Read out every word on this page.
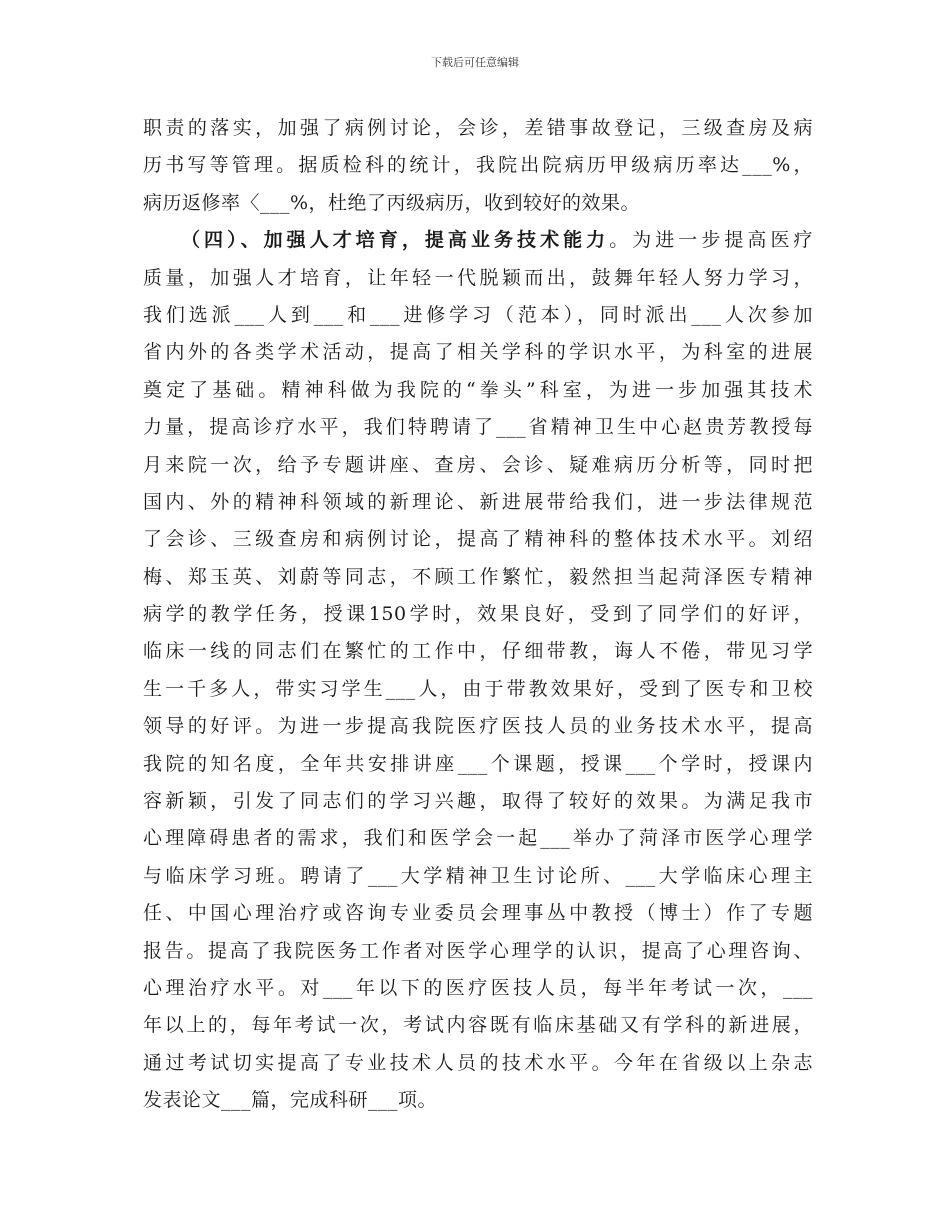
下载后可任意编辑
职责的落实，加强了病例讨论，会诊，差错事故登记，三级查房及病
历书写等管理。据质检科的统计，我院出院病历甲级病历率达___%，
病历返修率〈___%，杜绝了丙级病历，收到较好的效果。
（四）、加强人才培育，提高业务技术能力。为进一步提高医疗
质量，加强人才培育，让年轻一代脱颖而出，鼓舞年轻人努力学习，
我们选派___人到___和___进修学习（范本），同时派出___人次参加
省内外的各类学术活动，提高了相关学科的学识水平，为科室的进展
奠定了基础。精神科做为我院的“拳头”科室，为进一步加强其技术
力量，提高诊疗水平，我们特聘请了___省精神卫生中心赵贵芳教授每
月来院一次，给予专题讲座、查房、会诊、疑难病历分析等，同时把
国内、外的精神科领域的新理论、新进展带给我们，进一步法律规范
了会诊、三级查房和病例讨论，提高了精神科的整体技术水平。刘绍
梅、郑玉英、刘蔚等同志，不顾工作繁忙，毅然担当起菏泽医专精神
病学的教学任务，授课150学时，效果良好，受到了同学们的好评，
临床一线的同志们在繁忙的工作中，仔细带教，诲人不倦，带见习学
生一千多人，带实习学生___人，由于带教效果好，受到了医专和卫校
领导的好评。为进一步提高我院医疗医技人员的业务技术水平，提高
我院的知名度，全年共安排讲座___个课题，授课___个学时，授课内
容新颖，引发了同志们的学习兴趣，取得了较好的效果。为满足我市
心理障碍患者的需求，我们和医学会一起___举办了菏泽市医学心理学
与临床学习班。聘请了___大学精神卫生讨论所、___大学临床心理主
任、中国心理治疗或咨询专业委员会理事丛中教授（博士）作了专题
报告。提高了我院医务工作者对医学心理学的认识，提高了心理咨询、
心理治疗水平。对___年以下的医疗医技人员，每半年考试一次，___
年以上的，每年考试一次，考试内容既有临床基础又有学科的新进展，
通过考试切实提高了专业技术人员的技术水平。今年在省级以上杂志
发表论文___篇，完成科研___项。
